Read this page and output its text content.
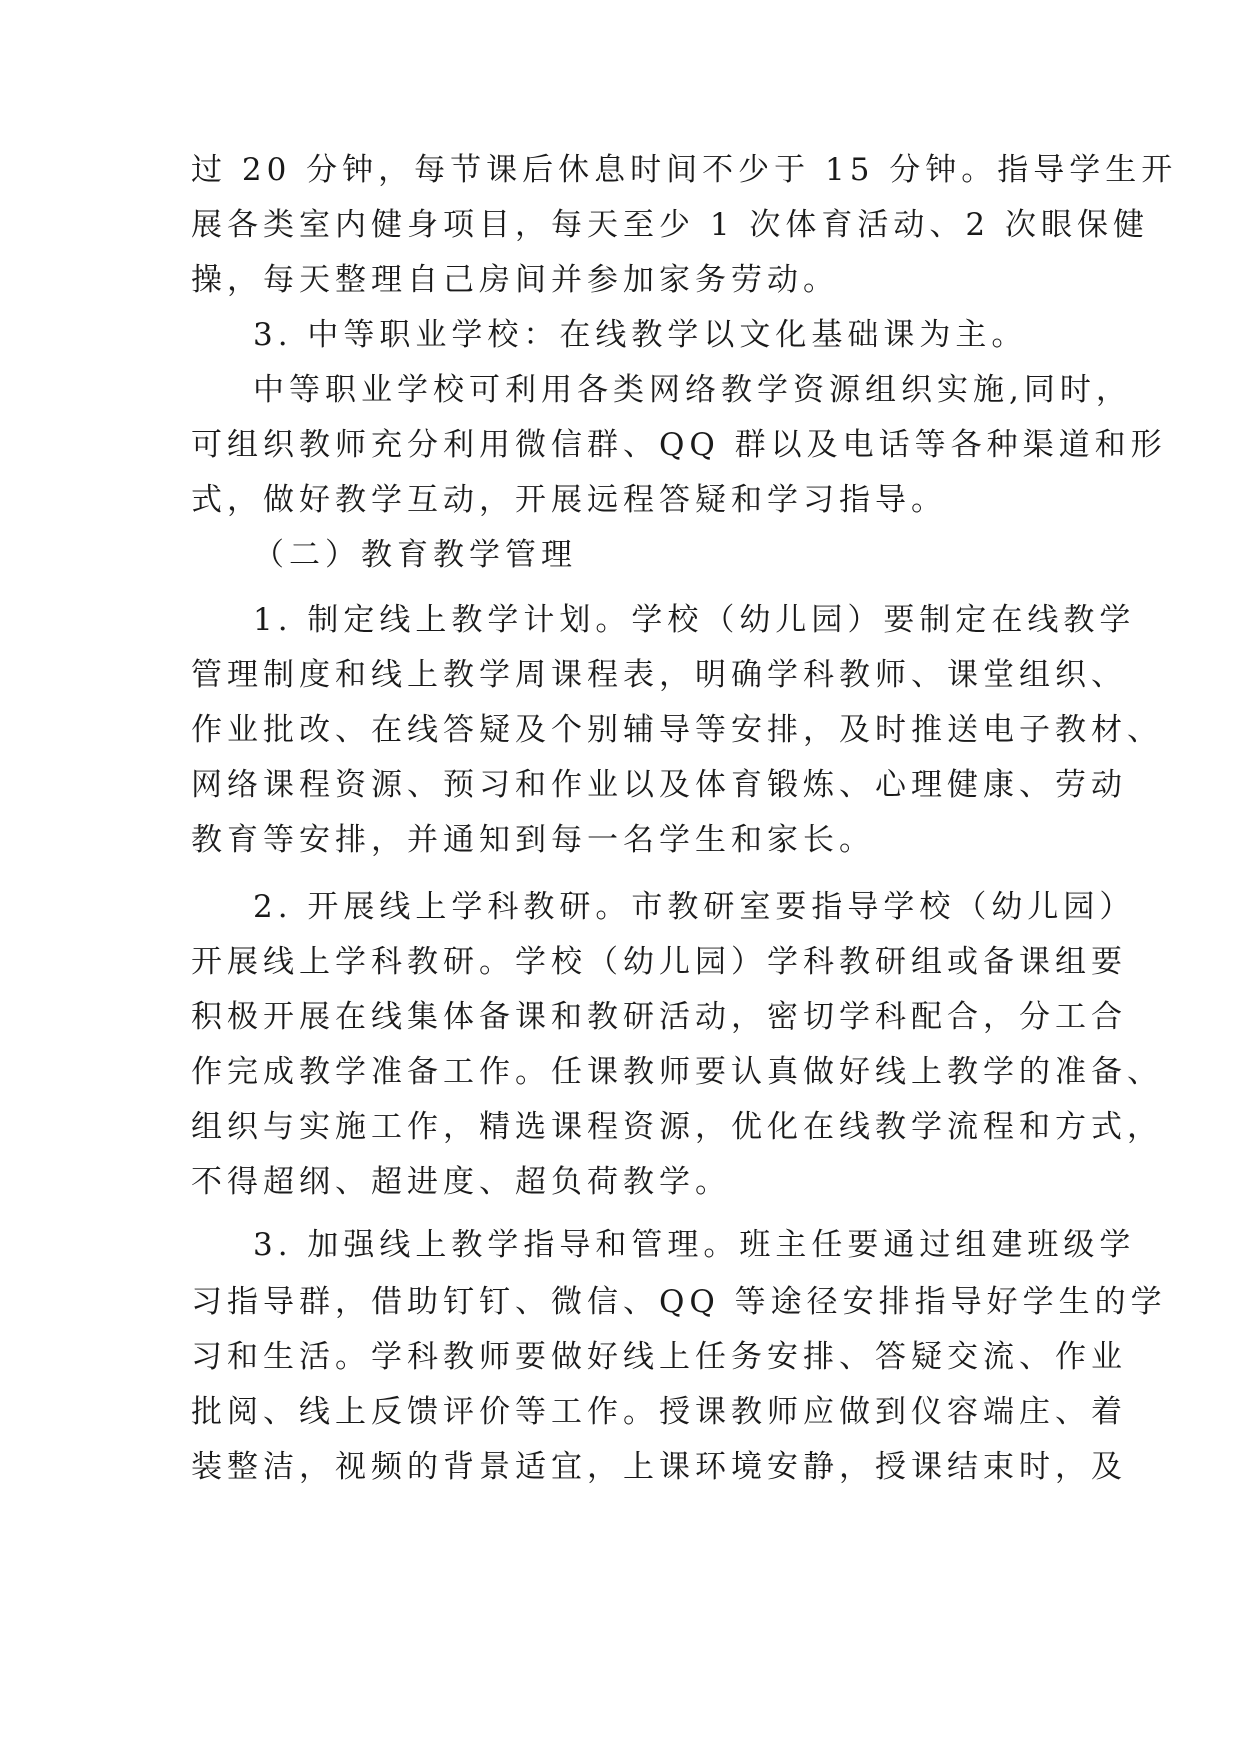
过 20 分钟，每节课后休息时间不少于 15 分钟。指导学生开
展各类室内健身项目，每天至少 1 次体育活动、2 次眼保健
操，每天整理自己房间并参加家务劳动。
3. 中等职业学校：在线教学以文化基础课为主。
中等职业学校可利用各类网络教学资源组织实施,同时，
可组织教师充分利用微信群、QQ 群以及电话等各种渠道和形
式，做好教学互动，开展远程答疑和学习指导。
（二）教育教学管理
1. 制定线上教学计划。学校（幼儿园）要制定在线教学
管理制度和线上教学周课程表，明确学科教师、课堂组织、
作业批改、在线答疑及个别辅导等安排，及时推送电子教材、
网络课程资源、预习和作业以及体育锻炼、心理健康、劳动
教育等安排，并通知到每一名学生和家长。
2. 开展线上学科教研。市教研室要指导学校（幼儿园）
开展线上学科教研。学校（幼儿园）学科教研组或备课组要
积极开展在线集体备课和教研活动，密切学科配合，分工合
作完成教学准备工作。任课教师要认真做好线上教学的准备、
组织与实施工作，精选课程资源，优化在线教学流程和方式，
不得超纲、超进度、超负荷教学。
3. 加强线上教学指导和管理。班主任要通过组建班级学
习指导群，借助钉钉、微信、QQ 等途径安排指导好学生的学
习和生活。学科教师要做好线上任务安排、答疑交流、作业
批阅、线上反馈评价等工作。授课教师应做到仪容端庄、着
装整洁，视频的背景适宜，上课环境安静，授课结束时，及
